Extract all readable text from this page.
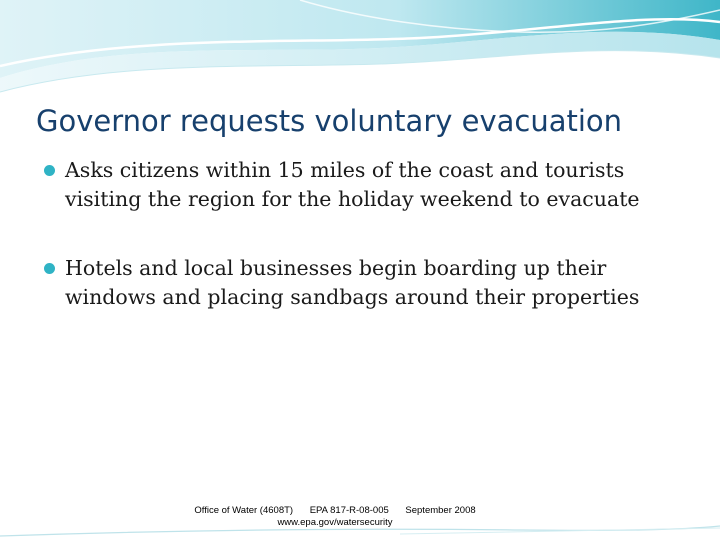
Governor requests voluntary evacuation
Asks citizens within 15 miles of the coast and tourists visiting the region for the holiday weekend to evacuate
Hotels and local businesses begin boarding up their windows and placing sandbags around their properties
Office of Water (4608T) EPA 817-R-08-005 September 2008
www.epa.gov/watersecurity
